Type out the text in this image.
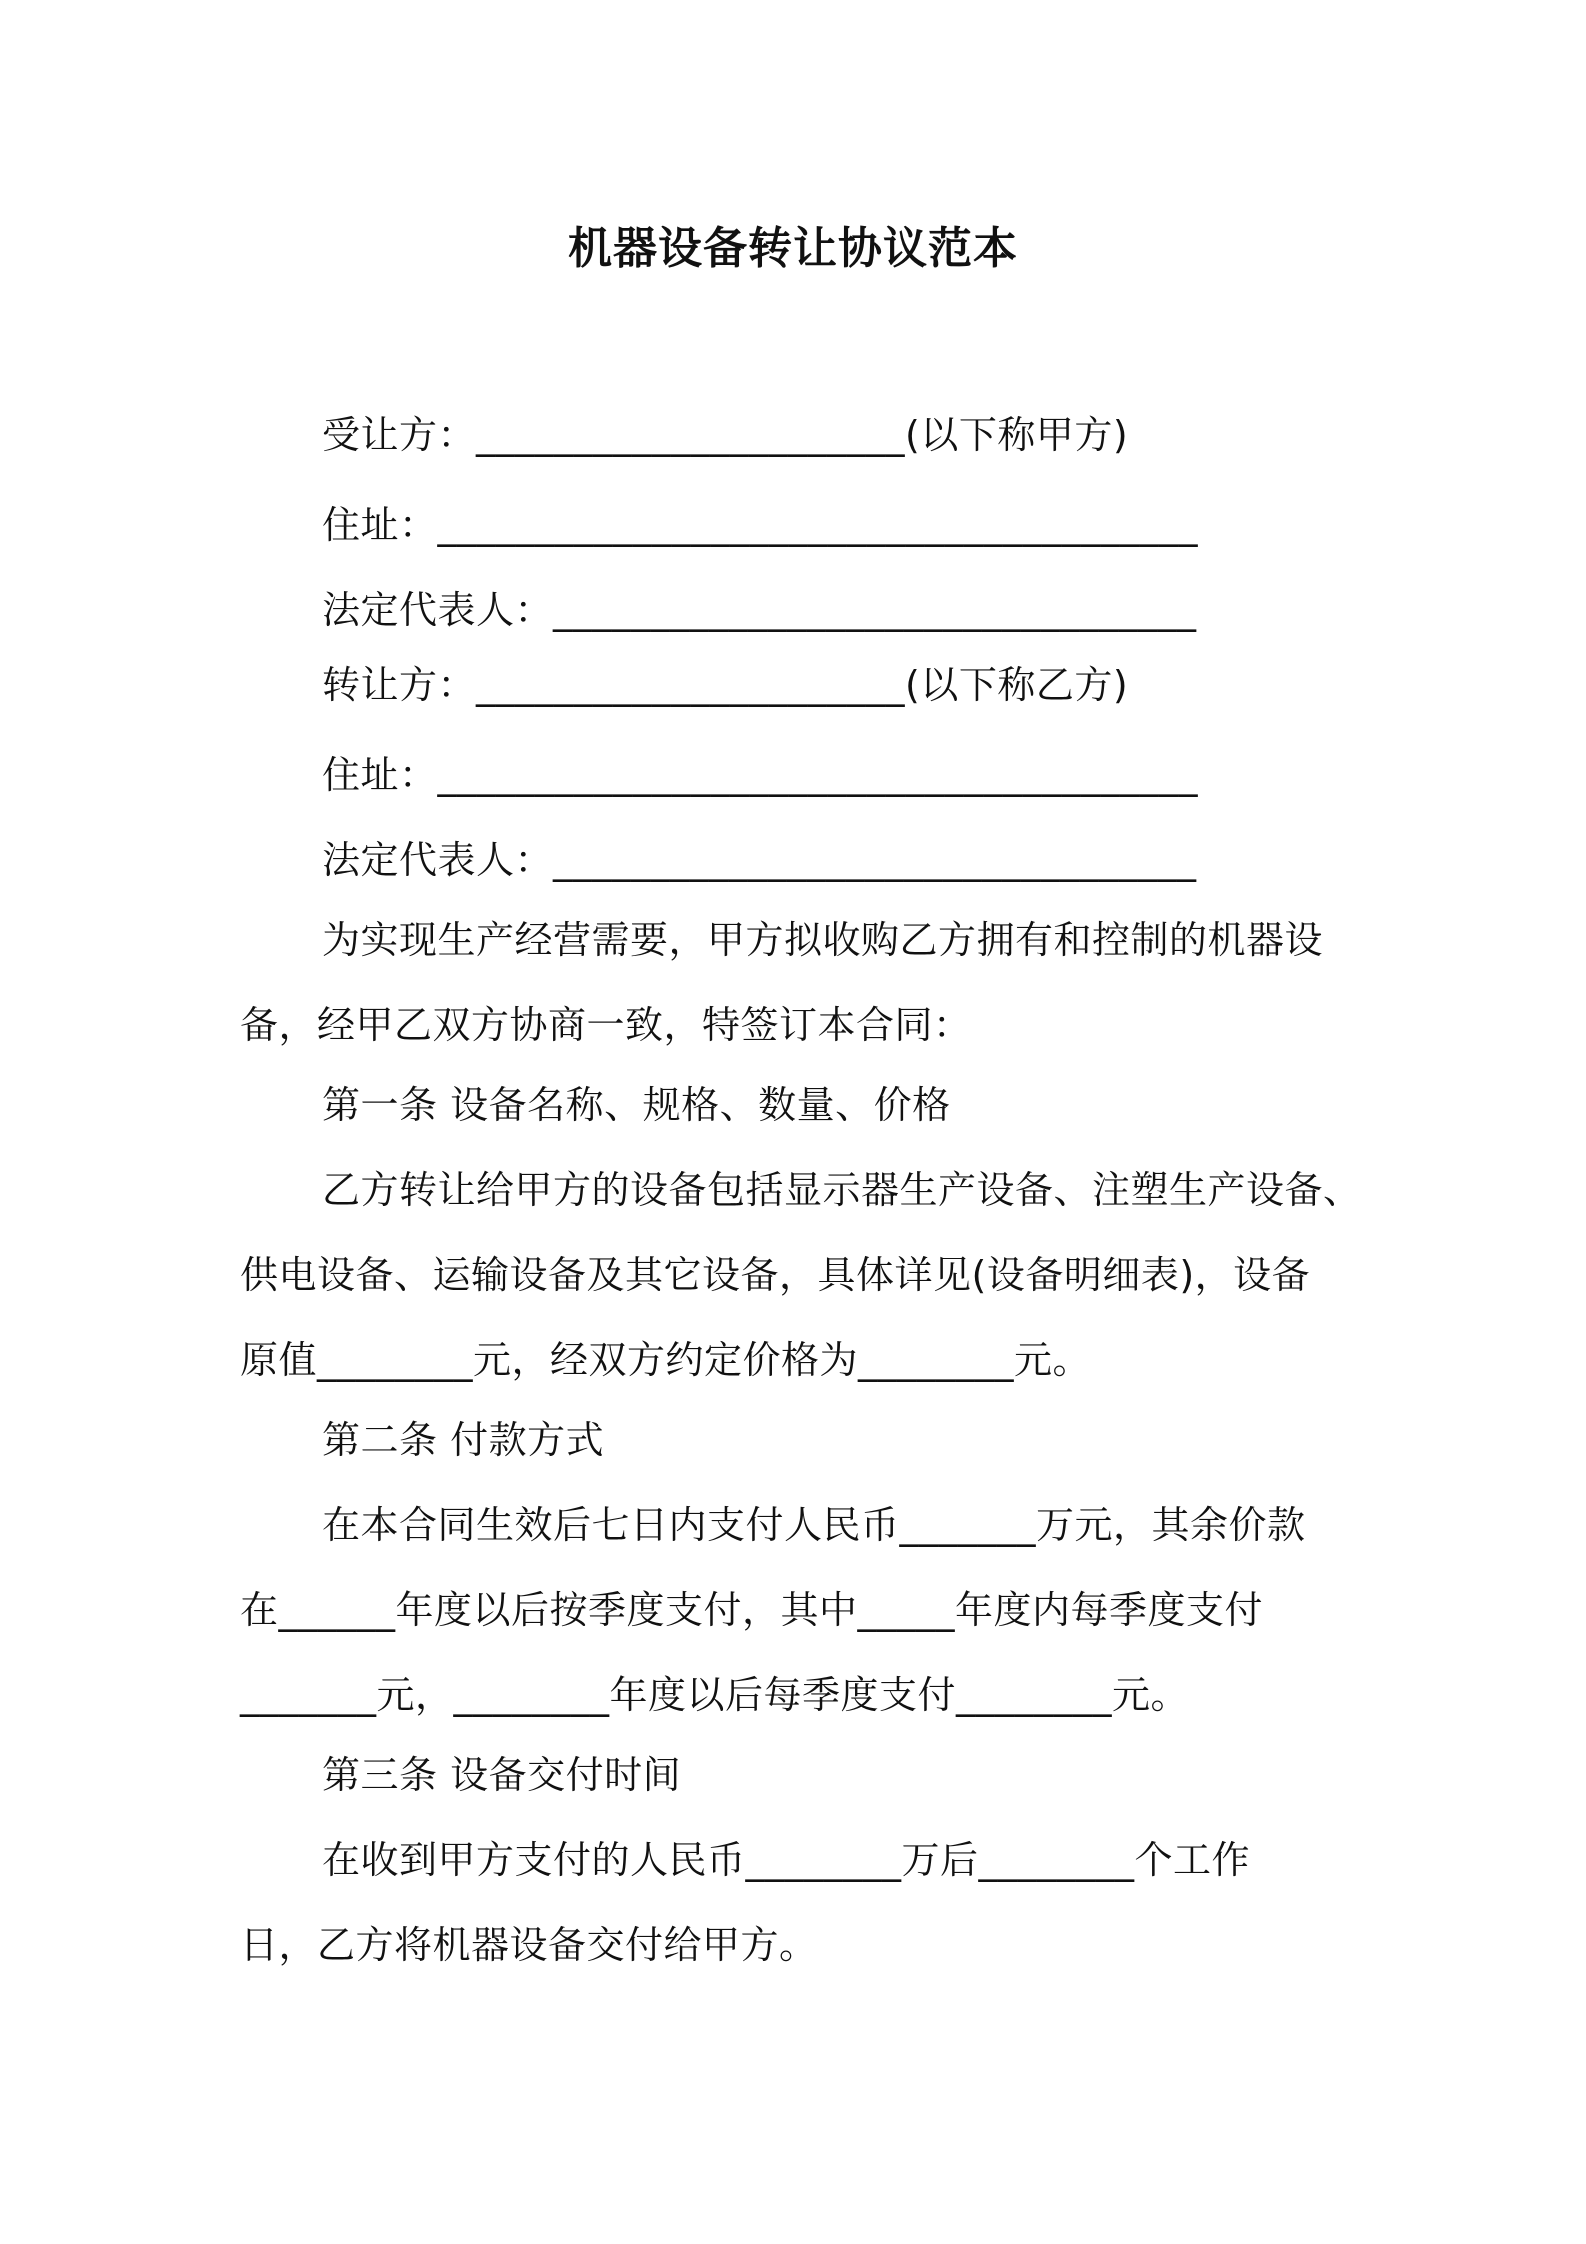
机器设备转让协议范本
受让方：______________________(以下称甲方)
住址：_______________________________________
法定代表人：_________________________________
转让方：______________________(以下称乙方)
住址：_______________________________________
法定代表人：_________________________________
为实现生产经营需要，甲方拟收购乙方拥有和控制的机器设
备，经甲乙双方协商一致，特签订本合同：
第一条 设备名称、规格、数量、价格
乙方转让给甲方的设备包括显示器生产设备、注塑生产设备、
供电设备、运输设备及其它设备，具体详见(设备明细表)，设备
原值________元，经双方约定价格为________元。
第二条 付款方式
在本合同生效后七日内支付人民币_______万元，其余价款
在______年度以后按季度支付，其中_____年度内每季度支付
_______元，________年度以后每季度支付________元。
第三条 设备交付时间
在收到甲方支付的人民币________万后________个工作
日，乙方将机器设备交付给甲方。
